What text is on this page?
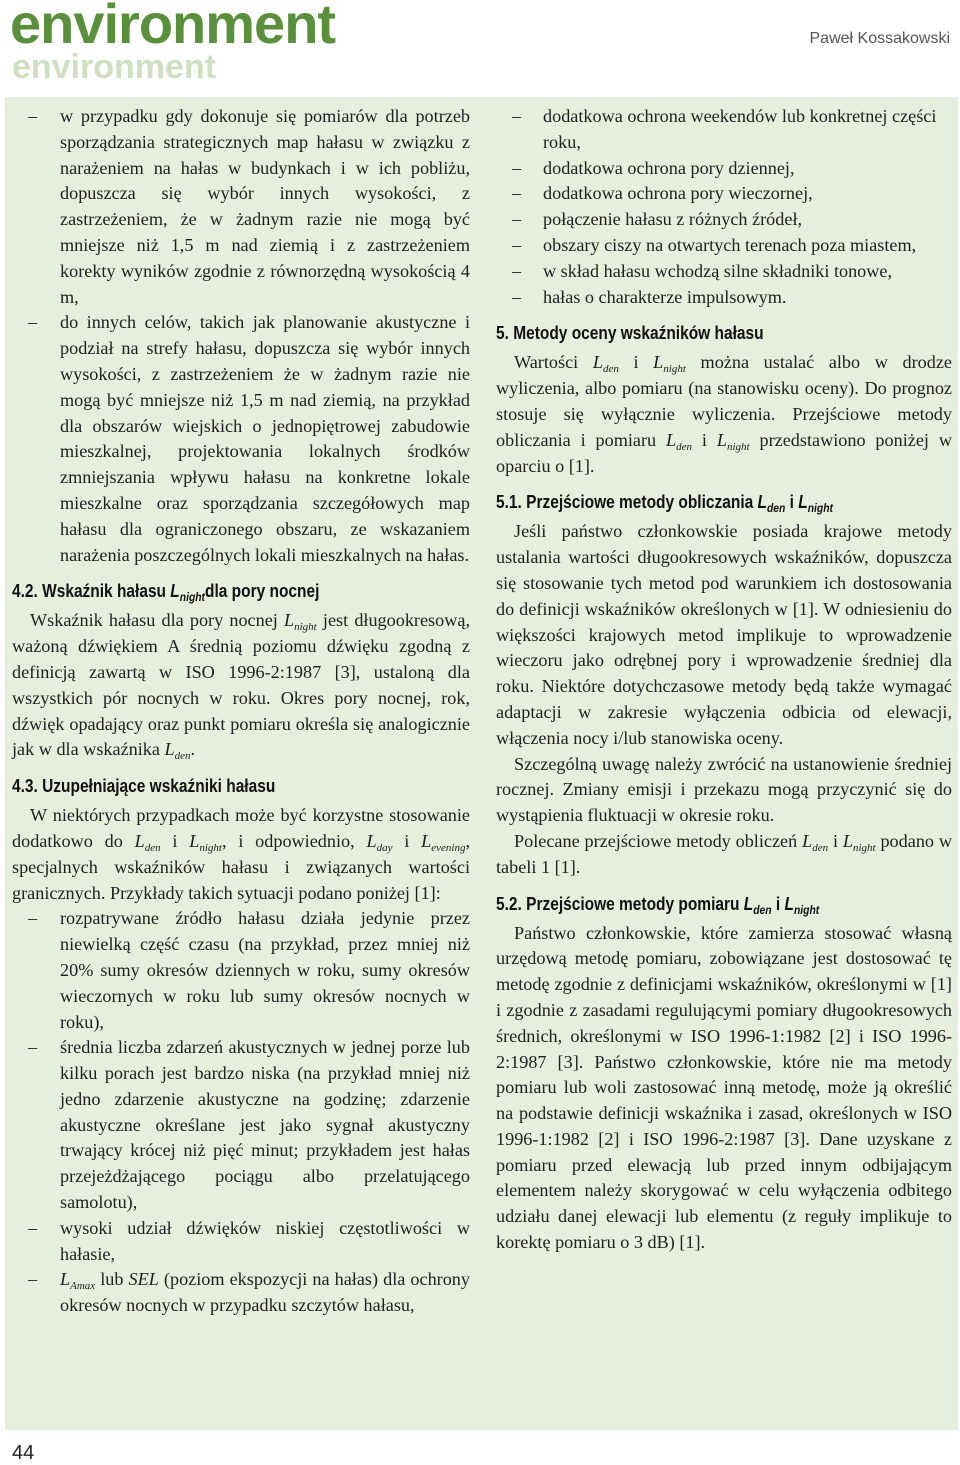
environment
environment
Paweł Kossakowski
– w przypadku gdy dokonuje się pomiarów dla potrzeb sporządzania strategicznych map hałasu w związku z narażeniem na hałas w budynkach i w ich pobliżu, dopuszcza się wybór innych wysokości, z zastrzeżeniem, że w żadnym razie nie mogą być mniejsze niż 1,5 m nad ziemią i z zastrzeżeniem korekty wyników zgodnie z równorzędną wysokością 4 m,
– do innych celów, takich jak planowanie akustyczne i podział na strefy hałasu, dopuszcza się wybór innych wysokości, z zastrzeżeniem że w żadnym razie nie mogą być mniejsze niż 1,5 m nad ziemią, na przykład dla obszarów wiejskich o jednopiętrowej zabudowie mieszkalnej, projektowania lokalnych środków zmniejszania wpływu hałasu na konkretne lokale mieszkalne oraz sporządzania szczegółowych map hałasu dla ograniczonego obszaru, ze wskazaniem narażenia poszczególnych lokali mieszkalnych na hałas.
4.2. Wskaźnik hałasu $L_{night}dla$ pory nocnej

Wskaźnik hałasu dla pory nocnej $L_{night}$ jest długookresową, ważoną dźwiękiem A średnią poziomu dźwięku zgodną z definicją zawartą w ISO 1996-2:1987 [3], ustaloną dla wszystkich pór nocnych w roku. Okres pory nocnej, rok, dźwięk opadający oraz punkt pomiaru określa się analogicznie jak w dla wskaźnika $L_{den}$.

4.3. Uzupełniające wskaźniki hałasu

W niektórych przypadkach może być korzystne stosowanie dodatkowo do $L_{den}$ i $L_{night}$, i odpowiednio, $L_{day}$ i $L_{evening}$, specjalnych wskaźników hałasu i związanych wartości granicznych. Przykłady takich sytuacji podano poniżej [1]:

– rozpatrywane źródło hałasu działa jedynie przez niewielką część czasu (na przykład, przez mniej niż 20% sumy okresów dziennych w roku, sumy okresów wieczornych w roku lub sumy okresów nocnych w roku),
– średnia liczba zdarzeń akustycznych w jednej porze lub kilku porach jest bardzo niska (na przykład mniej niż jedno zdarzenie akustyczne na godzinę; zdarzenie akustyczne określane jest jako sygnał akustyczny trwający krócej niż pięć minut; przykładem jest hałas przejeżdżającego pociągu albo przelatującego samolotu),
– wysoki udział dźwięków niskiej częstotliwości w hałasie,
– $L_{Amax}$ lub SEL (poziom ekspozycji na hałas) dla ochrony okresów nocnych w przypadku szczytów hałasu,
– dodatkowa ochrona weekendów lub konkretnej części roku,
– dodatkowa ochrona pory dziennej,
– dodatkowa ochrona pory wieczornej,
– połączenie hałasu z różnych źródeł,
– obszary ciszy na otwartych terenach poza miastem,
– w skład hałasu wchodzą silne składniki tonowe,
– hałas o charakterze impulsowym.
5. Metody oceny wskaźników hałasu

Wartości $L_{den}$ i $L_{night}$ można ustalać albo w drodze wyliczenia, albo pomiaru (na stanowisku oceny). Do prognoz stosuje się wyłącznie wyliczenia. Przejściowe metody obliczania i pomiaru $L_{den}$ i $L_{night}$ przedstawiono poniżej w oparciu o [1].

5.1. Przejściowe metody obliczania $L_{den}$ i $L_{night}$

Jeśli państwo członkowskie posiada krajowe metody ustalania wartości długookresowych wskaźników, dopuszcza się stosowanie tych metod pod warunkiem ich dostosowania do definicji wskaźników określonych w [1]. W odniesieniu do większości krajowych metod implikuje to wprowadzenie wieczoru jako odrębnej pory i wprowadzenie średniej dla roku. Niektóre dotychczasowe metody będą także wymagać adaptacji w zakresie wyłączenia odbicia od elewacji, włączenia nocy i/lub stanowiska oceny.

Szczególną uwagę należy zwrócić na ustanowienie średniej rocznej. Zmiany emisji i przekazu mogą przyczynić się do wystąpienia fluktuacji w okresie roku.

Polecane przejściowe metody obliczeń $L_{den}$ i $L_{night}$ podano w tabeli 1 [1].

5.2. Przejściowe metody pomiaru $L_{den}$ i $L_{night}$

Państwo członkowskie, które zamierza stosować własną urzędową metodę pomiaru, zobowiązane jest dostosować tę metodę zgodnie z definicjami wskaźników, określonymi w [1] i zgodnie z zasadami regulującymi pomiary długookresowych średnich, określonymi w ISO 1996-1:1982 [2] i ISO 1996-2:1987 [3]. Państwo członkowskie, które nie ma metody pomiaru lub woli zastosować inną metodę, może ją określić na podstawie definicji wskaźnika i zasad, określonych w ISO 1996-1:1982 [2] i ISO 1996-2:1987 [3]. Dane uzyskane z pomiaru przed elewacją lub przed innym odbijającym elementem należy skorygować w celu wyłączenia odbitego udziału danej elewacji lub elementu (z reguły implikuje to korektę pomiaru o 3 dB) [1].

44
